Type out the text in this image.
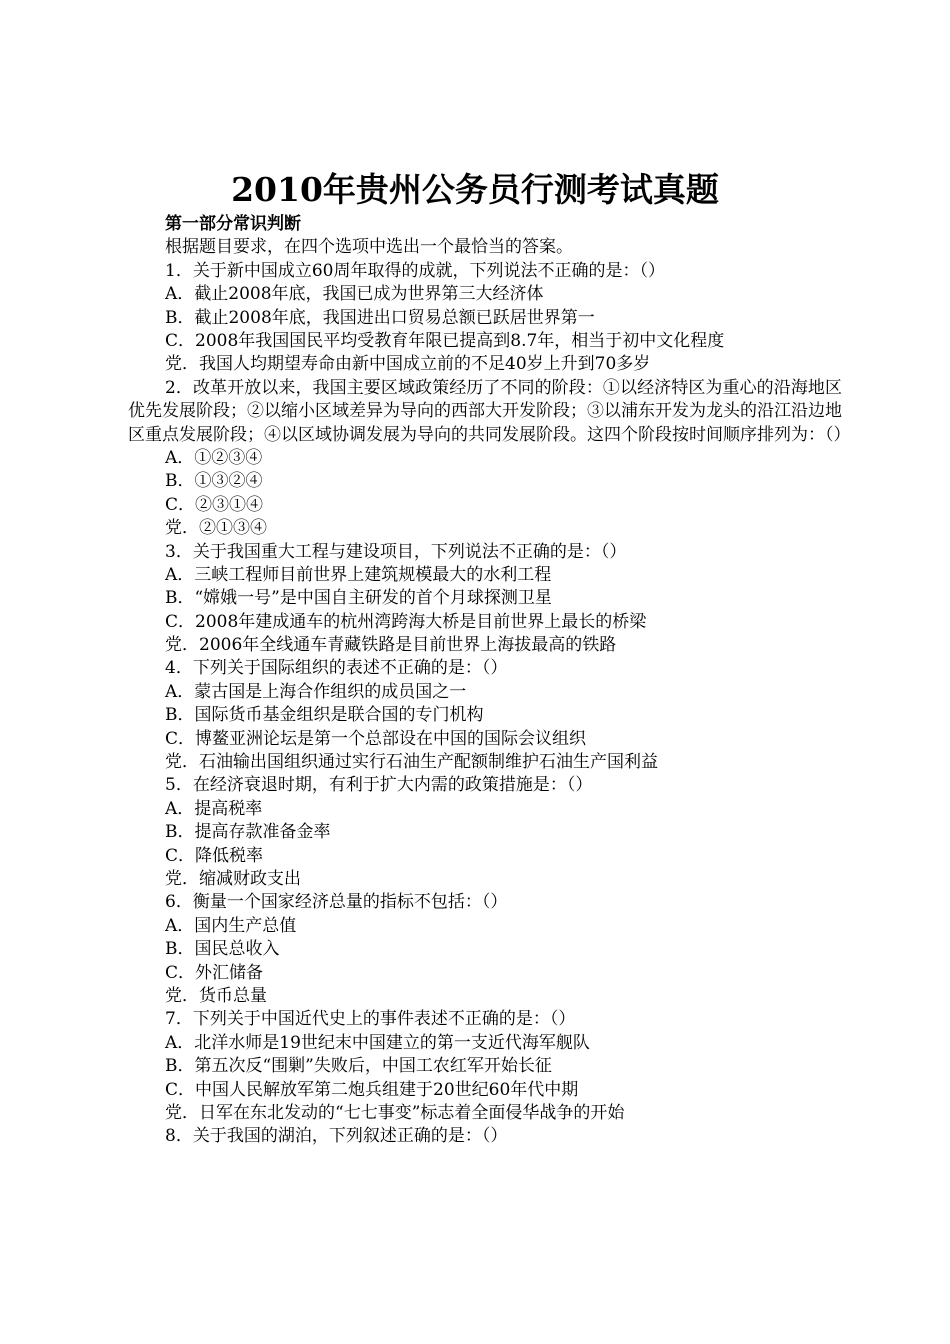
2010年贵州公务员行测考试真题
第一部分常识判断
根据题目要求，在四个选项中选出一个最恰当的答案。
1．关于新中国成立60周年取得的成就，下列说法不正确的是：（）
A．截止2008年底，我国已成为世界第三大经济体
B．截止2008年底，我国进出口贸易总额已跃居世界第一
C．2008年我国国民平均受教育年限已提高到8.7年，相当于初中文化程度
党．我国人均期望寿命由新中国成立前的不足40岁上升到70多岁
2．改革开放以来，我国主要区域政策经历了不同的阶段：①以经济特区为重心的沿海地区优先发展阶段；②以缩小区域差异为导向的西部大开发阶段；③以浦东开发为龙头的沿江沿边地区重点发展阶段；④以区域协调发展为导向的共同发展阶段。这四个阶段按时间顺序排列为：（）
A．①②③④
B．①③②④
C．②③①④
党．②①③④
3．关于我国重大工程与建设项目，下列说法不正确的是：（）
A．三峡工程师目前世界上建筑规模最大的水利工程
B．“嫦娥一号”是中国自主研发的首个月球探测卫星
C．2008年建成通车的杭州湾跨海大桥是目前世界上最长的桥梁
党．2006年全线通车青藏铁路是目前世界上海拔最高的铁路
4．下列关于国际组织的表述不正确的是：（）
A．蒙古国是上海合作组织的成员国之一
B．国际货币基金组织是联合国的专门机构
C．博鳌亚洲论坛是第一个总部设在中国的国际会议组织
党．石油输出国组织通过实行石油生产配额制维护石油生产国利益
5．在经济衰退时期，有利于扩大内需的政策措施是：（）
A．提高税率
B．提高存款准备金率
C．降低税率
党．缩减财政支出
6．衡量一个国家经济总量的指标不包括：（）
A．国内生产总值
B．国民总收入
C．外汇储备
党．货币总量
7．下列关于中国近代史上的事件表述不正确的是：（）
A．北洋水师是19世纪末中国建立的第一支近代海军舰队
B．第五次反“围剿”失败后，中国工农红军开始长征
C．中国人民解放军第二炮兵组建于20世纪60年代中期
党．日军在东北发动的“七七事变”标志着全面侵华战争的开始
8．关于我国的湖泊，下列叙述正确的是：（）
